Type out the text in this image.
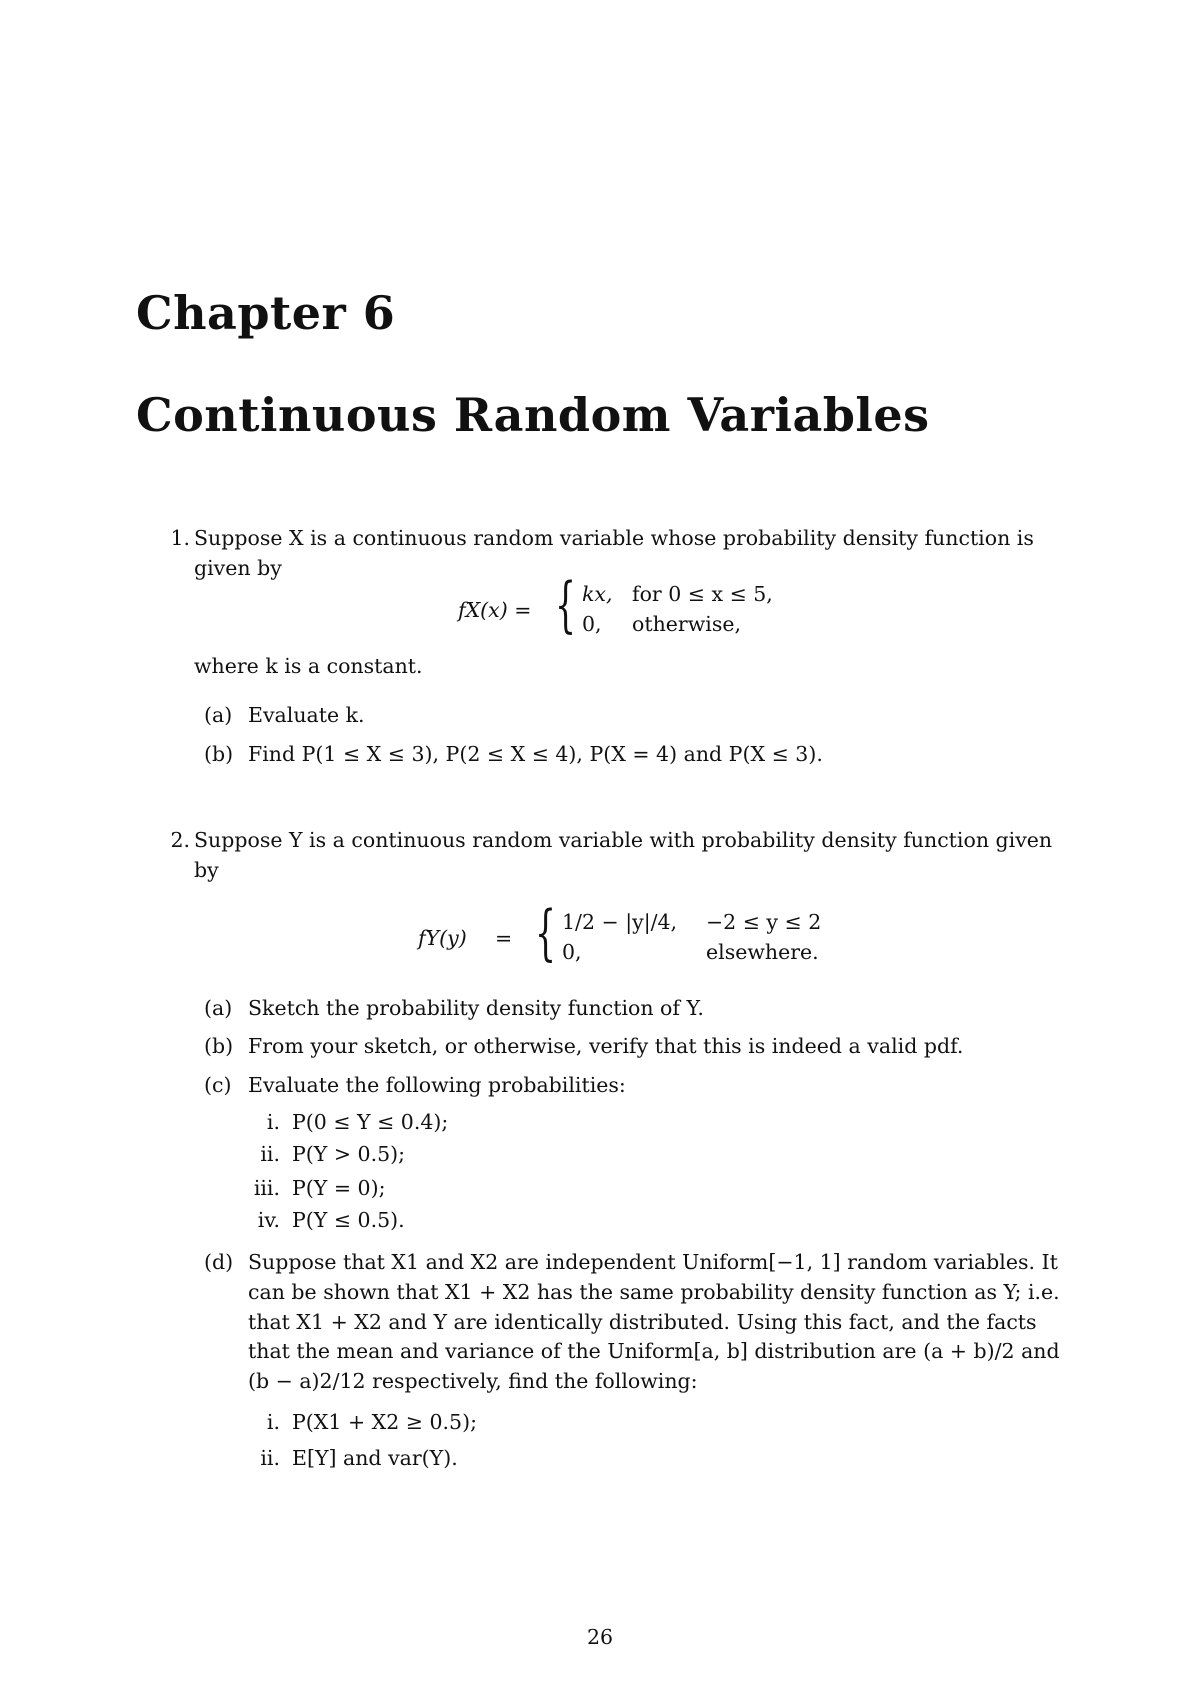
Chapter 6
Continuous Random Variables
1. Suppose X is a continuous random variable whose probability density function is
given by
fX(x) = { kx, for 0 ≤ x ≤ 5,
0, otherwise,
where k is a constant.
(a) Evaluate k.
(b) Find P(1 ≤ X ≤ 3), P(2 ≤ X ≤ 4), P(X = 4) and P(X ≤ 3).
2. Suppose Y is a continuous random variable with probability density function given
by
fY(y) = { 1/2 − |y|/4, −2 ≤ y ≤ 2
0,	elsewhere.
(a) Sketch the probability density function of Y.
(b) From your sketch, or otherwise, verify that this is indeed a valid pdf.
(c) Evaluate the following probabilities:
i. P(0 ≤ Y ≤ 0.4);
ii. P(Y > 0.5);
iii. P(Y = 0);
iv. P(Y ≤ 0.5).
(d) Suppose that X1 and X2 are independent Uniform[−1, 1] random variables. It
can be shown that X1 + X2 has the same probability density function as Y; i.e.
that X1 + X2 and Y are identically distributed. Using this fact, and the facts
that the mean and variance of the Uniform[a, b] distribution are (a + b)/2 and
(b − a)2/12 respectively, find the following:
i. P(X1 + X2 ≥ 0.5);
ii. E[Y] and var(Y).
26
